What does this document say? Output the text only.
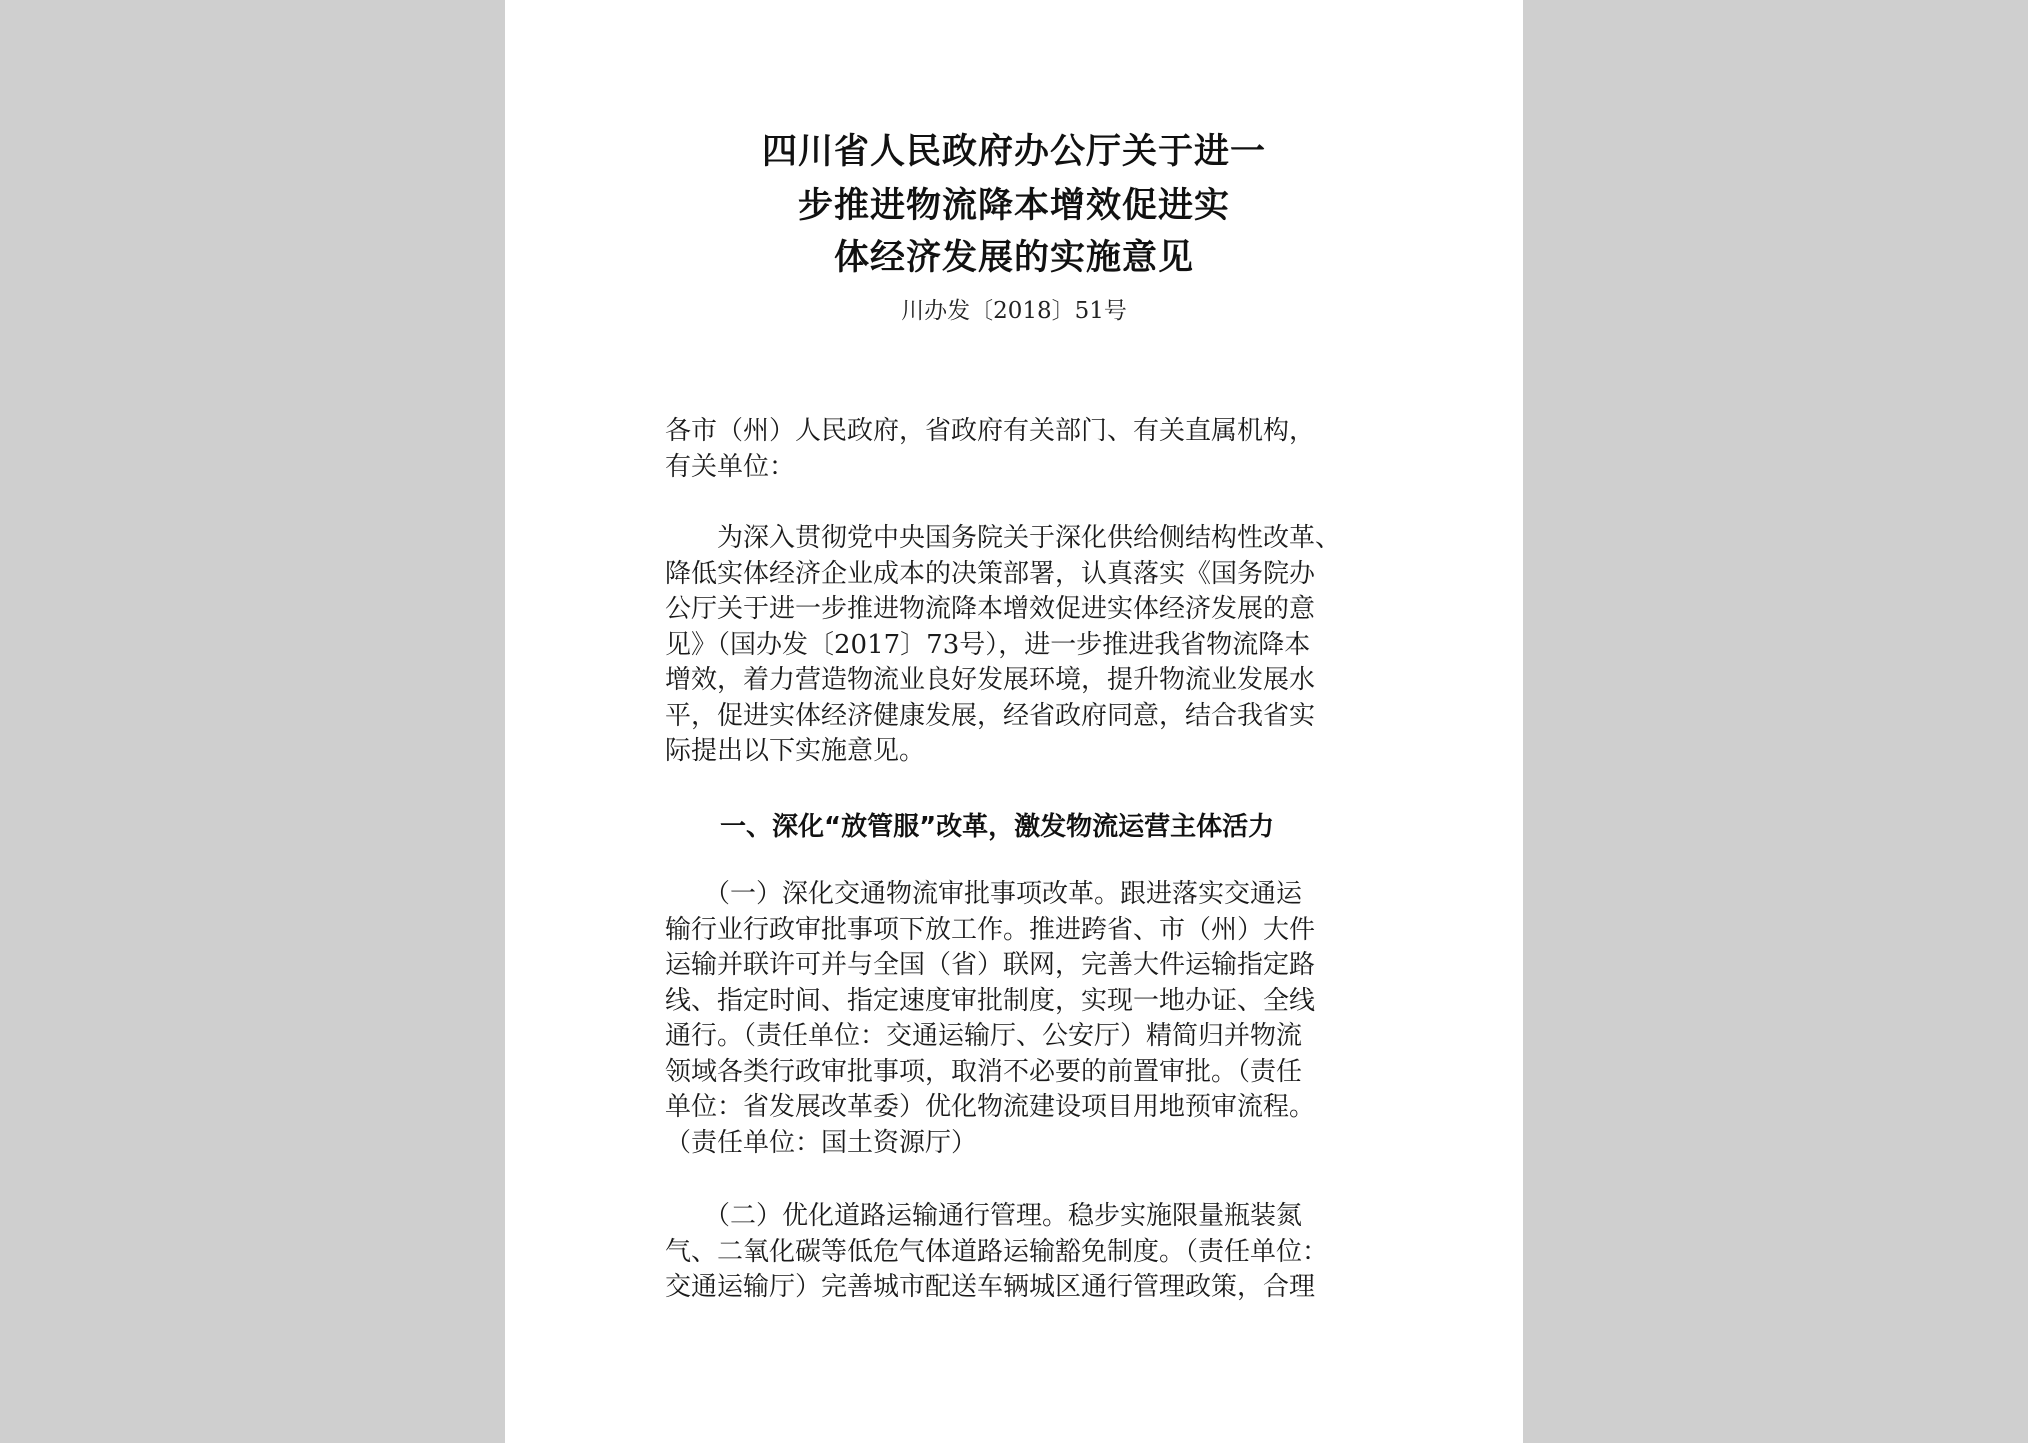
四川省人民政府办公厅关于进一
步推进物流降本增效促进实
体经济发展的实施意见
川办发〔2018〕51号
各市（州）人民政府，省政府有关部门、有关直属机构，
有关单位：
　　为深入贯彻党中央国务院关于深化供给侧结构性改革、
降低实体经济企业成本的决策部署，认真落实《国务院办
公厅关于进一步推进物流降本增效促进实体经济发展的意
见》（国办发〔2017〕73号），进一步推进我省物流降本
增效，着力营造物流业良好发展环境，提升物流业发展水
平，促进实体经济健康发展，经省政府同意，结合我省实
际提出以下实施意见。
一、深化“放管服”改革，激发物流运营主体活力
　　（一）深化交通物流审批事项改革。跟进落实交通运
输行业行政审批事项下放工作。推进跨省、市（州）大件
运输并联许可并与全国（省）联网，完善大件运输指定路
线、指定时间、指定速度审批制度，实现一地办证、全线
通行。（责任单位：交通运输厅、公安厅）精简归并物流
领域各类行政审批事项，取消不必要的前置审批。（责任
单位：省发展改革委）优化物流建设项目用地预审流程。
（责任单位：国土资源厅）
　　（二）优化道路运输通行管理。稳步实施限量瓶装氮
气、二氧化碳等低危气体道路运输豁免制度。（责任单位：
交通运输厅）完善城市配送车辆城区通行管理政策，合理
